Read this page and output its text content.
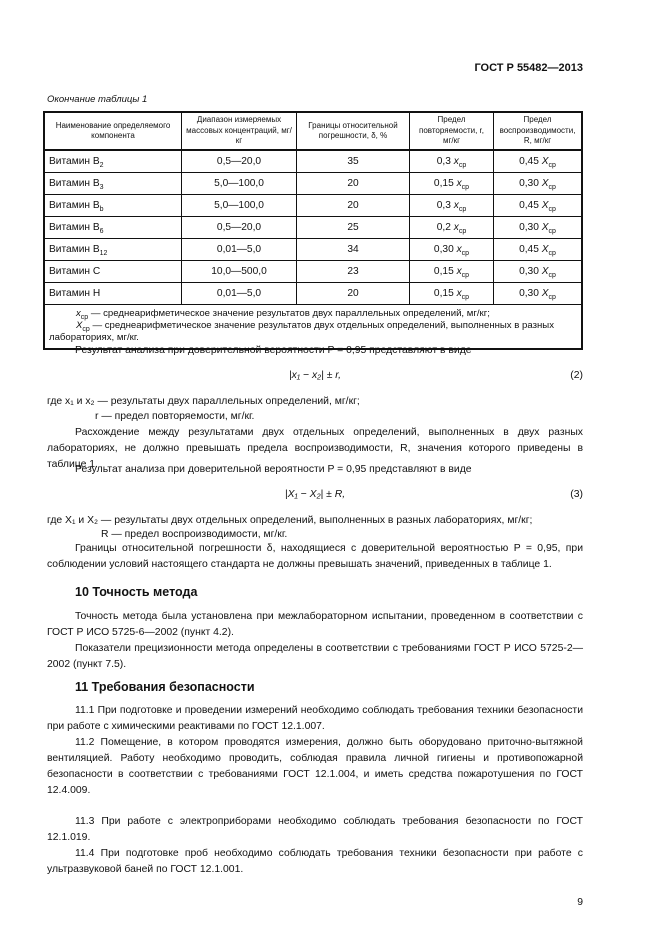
ГОСТ Р 55482—2013
Окончание таблицы 1
Наименование определяемого компонента	Диапазон измеряемых массовых концентраций, мг/кг	Границы относительной погрешности, δ, %	Предел повторяемости, r, мг/кг	Предел воспроизводимости, R, мг/кг
Витамин $B_2$	0,5—20,0	35	0,3 $x_{ср}$	0,45 $X_{ср}$
Витамин $B_3$	5,0—100,0	20	0,15 $x_{ср}$	0,30 $X_{ср}$
Витамин $B_b$	5,0—100,0	20	0,3 $x_{ср}$	0,45 $X_{ср}$
Витамин $B_6$	0,5—20,0	25	0,2 $x_{ср}$	0,30 $X_{ср}$
Витамин $B_{12}$	0,01—5,0	34	0,30 $x_{ср}$	0,45 $X_{ср}$
Витамин C	10,0—500,0	23	0,15 $x_{ср}$	0,30 $X_{ср}$
Витамин H	0,01—5,0	20	0,15 $x_{ср}$	0,30 $X_{ср}$

$x_{ср}$ — среднеарифметическое значение результатов двух параллельных определений, мг/кг;
$X_{ср}$ — среднеарифметическое значение результатов двух отдельных определений, выполненных в разных лабораториях, мг/кг.				
Результат анализа при доверительной вероятности P = 0,95 представляют в виде
|x₁ − x₂| ± r,	(2)
где x₁ и x₂ — результаты двух параллельных определений, мг/кг;
r — предел повторяемости, мг/кг.
Расхождение между результатами двух отдельных определений, выполненных в двух разных лабораториях, не должно превышать предела воспроизводимости, R, значения которого приведены в таблице 1.
Результат анализа при доверительной вероятности P = 0,95 представляют в виде
|X₁ − X₂| ± R,	(3)
где X₁ и X₂ — результаты двух отдельных определений, выполненных в разных лабораториях, мг/кг;
R — предел воспроизводимости, мг/кг.
Границы относительной погрешности δ, находящиеся с доверительной вероятностью P = 0,95, при соблюдении условий настоящего стандарта не должны превышать значений, приведенных в таблице 1.
10 Точность метода
Точность метода была установлена при межлабораторном испытании, проведенном в соответствии с ГОСТ Р ИСО 5725-6—2002 (пункт 4.2).
Показатели прецизионности метода определены в соответствии с требованиями ГОСТ Р ИСО 5725-2—2002 (пункт 7.5).
11 Требования безопасности
11.1 При подготовке и проведении измерений необходимо соблюдать требования техники безопасности при работе с химическими реактивами по ГОСТ 12.1.007.
11.2 Помещение, в котором проводятся измерения, должно быть оборудовано приточно-вытяжной вентиляцией. Работу необходимо проводить, соблюдая правила личной гигиены и противопожарной безопасности в соответствии с требованиями ГОСТ 12.1.004, и иметь средства пожаротушения по ГОСТ 12.4.009.
11.3 При работе с электроприборами необходимо соблюдать требования безопасности по ГОСТ 12.1.019.
11.4 При подготовке проб необходимо соблюдать требования техники безопасности при работе с ультразвуковой баней по ГОСТ 12.1.001.
9
